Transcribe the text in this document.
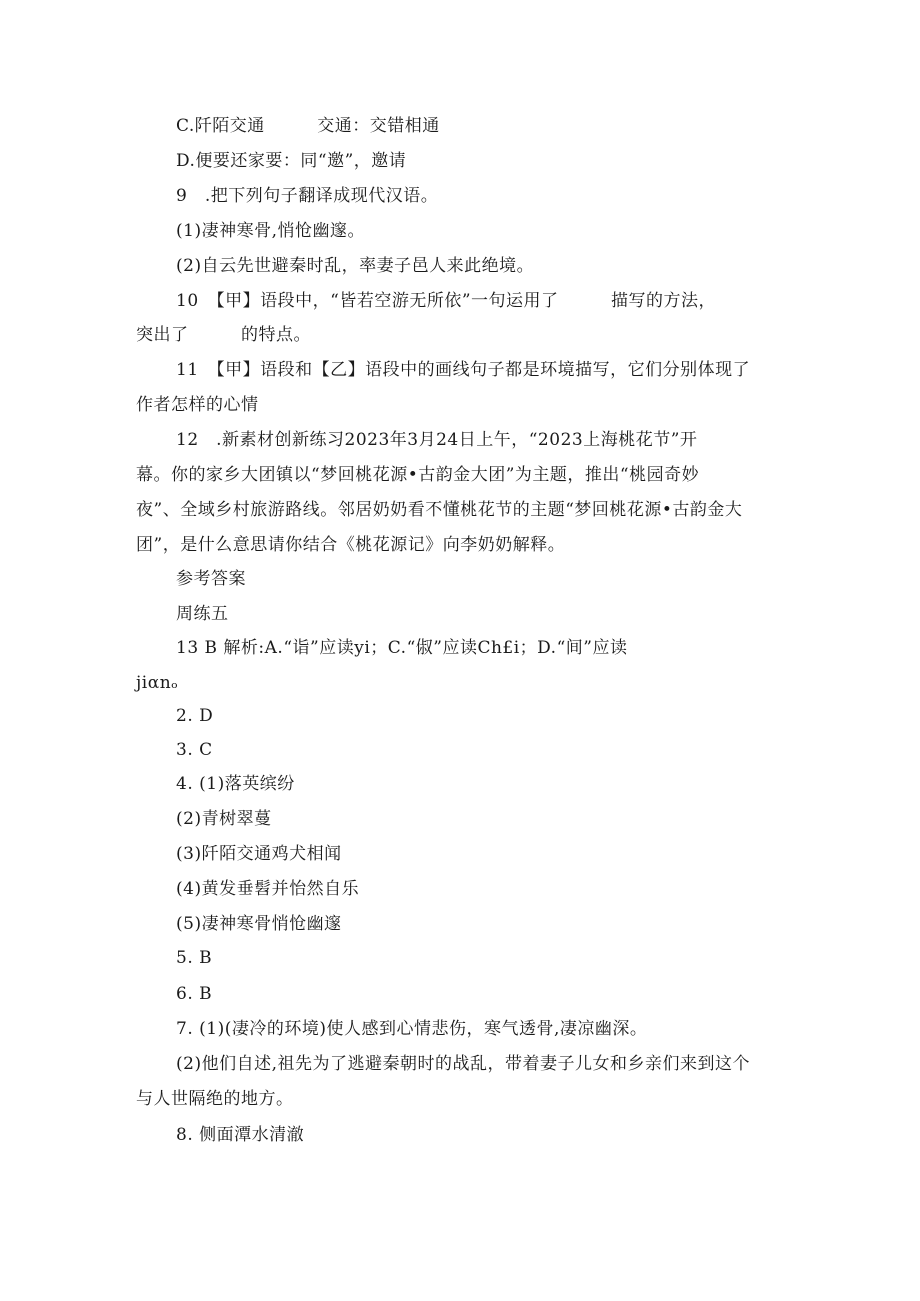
C.阡陌交通　　　交通：交错相通
D.便要还家要：同“邀”，邀请
9　.把下列句子翻译成现代汉语。
(1)凄神寒骨,悄怆幽邃。
(2)自云先世避秦时乱，率妻子邑人来此绝境。
10　【甲】语段中，“皆若空游无所依”一句运用了　　　描写的方法，
突出了　　　的特点。
11　【甲】语段和【乙】语段中的画线句子都是环境描写，它们分别体现了
作者怎样的心情
12　.新素材创新练习2023年3月24日上午，“2023上海桃花节”开
幕。你的家乡大团镇以“梦回桃花源•古韵金大团”为主题，推出“桃园奇妙
夜”、全域乡村旅游路线。邻居奶奶看不懂桃花节的主题“梦回桃花源•古韵金大
团”，是什么意思请你结合《桃花源记》向李奶奶解释。
参考答案
周练五
13 B 解析:A.“诣”应读yi；C.“俶”应读Ch£i；D.“间”应读
jiαnₒ
2. D
3. C
4. (1)落英缤纷
(2)青树翠蔓
(3)阡陌交通鸡犬相闻
(4)黄发垂髫并怡然自乐
(5)凄神寒骨悄怆幽邃
5. B
6. B
7. (1)(凄冷的环境)使人感到心情悲伤，寒气透骨,凄凉幽深。
(2)他们自述,祖先为了逃避秦朝时的战乱，带着妻子儿女和乡亲们来到这个
与人世隔绝的地方。
8. 侧面潭水清澈
